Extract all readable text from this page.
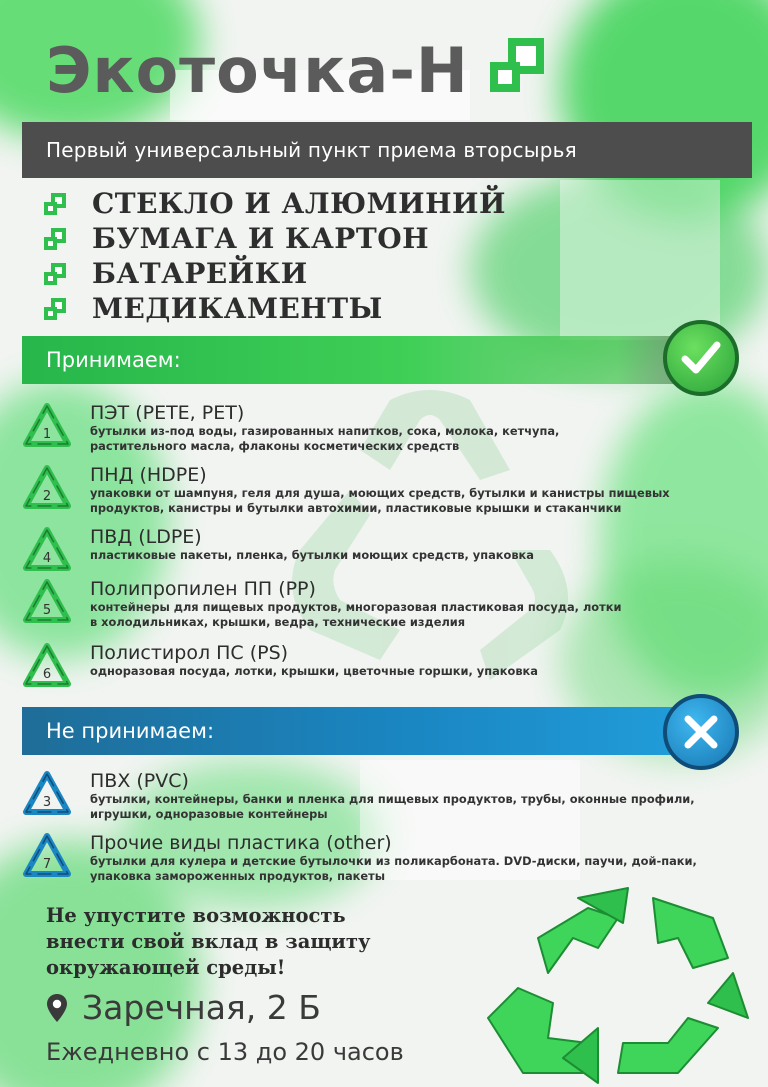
Экоточка-Н
Первый универсальный пункт приема вторсырья
СТЕКЛО И АЛЮМИНИЙ
БУМАГА И КАРТОН
БАТАРЕЙКИ
МЕДИКАМЕНТЫ
Принимаем:
1
ПЭТ (PETE, PET)
бутылки из-под воды, газированных напитков, сока, молока, кетчупа,
растительного масла, флаконы косметических средств
2
ПНД (HDPE)
упаковки от шампуня, геля для душа, моющих средств, бутылки и канистры пищевых
продуктов, канистры и бутылки автохимии, пластиковые крышки и стаканчики
4
ПВД (LDPE)
пластиковые пакеты, пленка, бутылки моющих средств, упаковка
5
Полипропилен ПП (PP)
контейнеры для пищевых продуктов, многоразовая пластиковая посуда, лотки
в холодильниках, крышки, ведра, технические изделия
6
Полистирол ПС (PS)
одноразовая посуда, лотки, крышки, цветочные горшки, упаковка
Не принимаем:
3
ПВХ (PVC)
бутылки, контейнеры, банки и пленка для пищевых продуктов, трубы, оконные профили,
игрушки, одноразовые контейнеры
7
Прочие виды пластика (other)
бутылки для кулера и детские бутылочки из поликарбоната. DVD-диски, паучи, дой-паки,
упаковка замороженных продуктов, пакеты
Не упустите возможность
внести свой вклад в защиту
окружающей среды!
Заречная, 2 Б
Ежедневно с 13 до 20 часов
